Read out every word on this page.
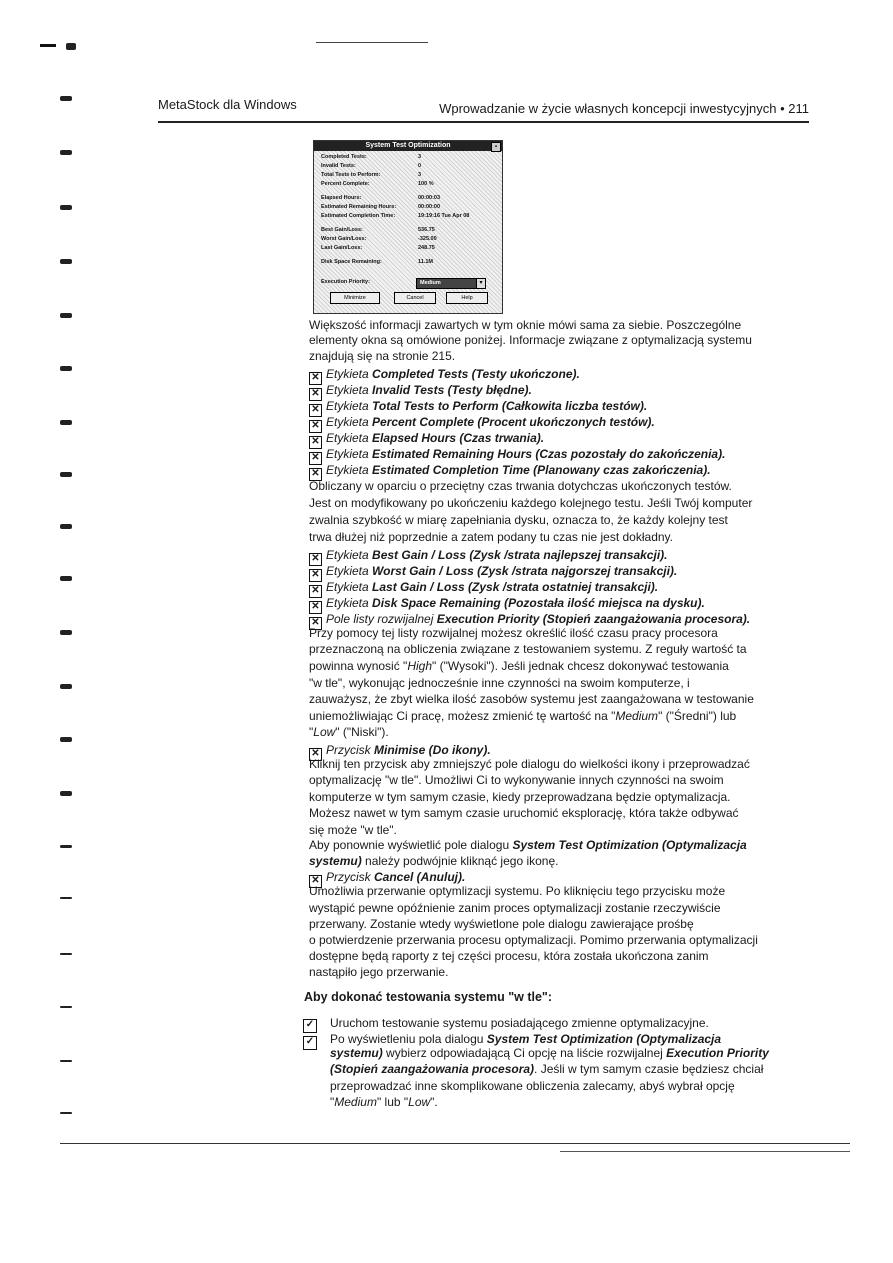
MetaStock dla Windows	Wprowadzanie w życie własnych koncepcji inwestycyjnych • 211
System Test Optimization	▪
Completed Tests:	3
Invalid Tests:	0
Total Tests to Perform:	3
Percent Complete:	100 %
Elapsed Hours:	00:00:03
Estimated Remaining Hours:	00:00:00
Estimated Completion Time:	19:19:16 Tue Apr 08
Best Gain/Loss:	536.75
Worst Gain/Loss:	-325.00
Last Gain/Loss:	248.75
Disk Space Remaining:	11.1M
Execution Priority:	Medium	▾
Minimize	Cancel	Help
Większość informacji zawartych w tym oknie mówi sama za siebie. Poszczególne
elementy okna są omówione poniżej. Informacje związane z optymalizacją systemu
znajdują się na stronie 215.
✕ Etykieta Completed Tests (Testy ukończone).
✕ Etykieta Invalid Tests (Testy błędne).
✕ Etykieta Total Tests to Perform (Całkowita liczba testów).
✕ Etykieta Percent Complete (Procent ukończonych testów).
✕ Etykieta Elapsed Hours (Czas trwania).
✕ Etykieta Estimated Remaining Hours (Czas pozostały do zakończenia).
✕ Etykieta Estimated Completion Time (Planowany czas zakończenia).
Obliczany w oparciu o przeciętny czas trwania dotychczas ukończonych testów.
Jest on modyfikowany po ukończeniu każdego kolejnego testu. Jeśli Twój komputer
zwalnia szybkość w miarę zapełniania dysku, oznacza to, że każdy kolejny test
trwa dłużej niż poprzednie a zatem podany tu czas nie jest dokładny.
✕ Etykieta Best Gain / Loss (Zysk /strata najlepszej transakcji).
✕ Etykieta Worst Gain / Loss (Zysk /strata najgorszej transakcji).
✕ Etykieta Last Gain / Loss (Zysk /strata ostatniej transakcji).
✕ Etykieta Disk Space Remaining (Pozostała ilość miejsca na dysku).
✕ Pole listy rozwijalnej Execution Priority (Stopień zaangażowania procesora).
Przy pomocy tej listy rozwijalnej możesz określić ilość czasu pracy procesora
przeznaczoną na obliczenia związane z testowaniem systemu. Z reguły wartość ta
powinna wynosić "High" ("Wysoki"). Jeśli jednak chcesz dokonywać testowania
"w tle", wykonując jednocześnie inne czynności na swoim komputerze, i
zauważysz, że zbyt wielka ilość zasobów systemu jest zaangażowana w testowanie
uniemożliwiając Ci pracę, możesz zmienić tę wartość na "Medium" ("Średni") lub
"Low" ("Niski").
✕ Przycisk Minimise (Do ikony).
Kliknij ten przycisk aby zmniejszyć pole dialogu do wielkości ikony i przeprowadzać
optymalizację "w tle". Umożliwi Ci to wykonywanie innych czynności na swoim
komputerze w tym samym czasie, kiedy przeprowadzana będzie optymalizacja.
Możesz nawet w tym samym czasie uruchomić eksplorację, która także odbywać
się może "w tle".
Aby ponownie wyświetlić pole dialogu System Test Optimization (Optymalizacja
systemu) należy podwójnie kliknąć jego ikonę.
✕ Przycisk Cancel (Anuluj).
Umożliwia przerwanie optymlizacji systemu. Po kliknięciu tego przycisku może
wystąpić pewne opóźnienie zanim proces optymalizacji zostanie rzeczywiście
przerwany. Zostanie wtedy wyświetlone pole dialogu zawierające prośbę
o potwierdzenie przerwania procesu optymalizacji. Pomimo przerwania optymalizacji
dostępne będą raporty z tej części procesu, która została ukończona zanim
nastąpiło jego przerwanie.
Aby dokonać testowania systemu "w tle":
✓	Uruchom testowanie systemu posiadającego zmienne optymalizacyjne.
✓	Po wyświetleniu pola dialogu System Test Optimization (Optymalizacja
systemu) wybierz odpowiadającą Ci opcję na liście rozwijalnej Execution Priority
(Stopień zaangażowania procesora). Jeśli w tym samym czasie będziesz chciał
przeprowadzać inne skomplikowane obliczenia zalecamy, abyś wybrał opcję
"Medium" lub "Low".
